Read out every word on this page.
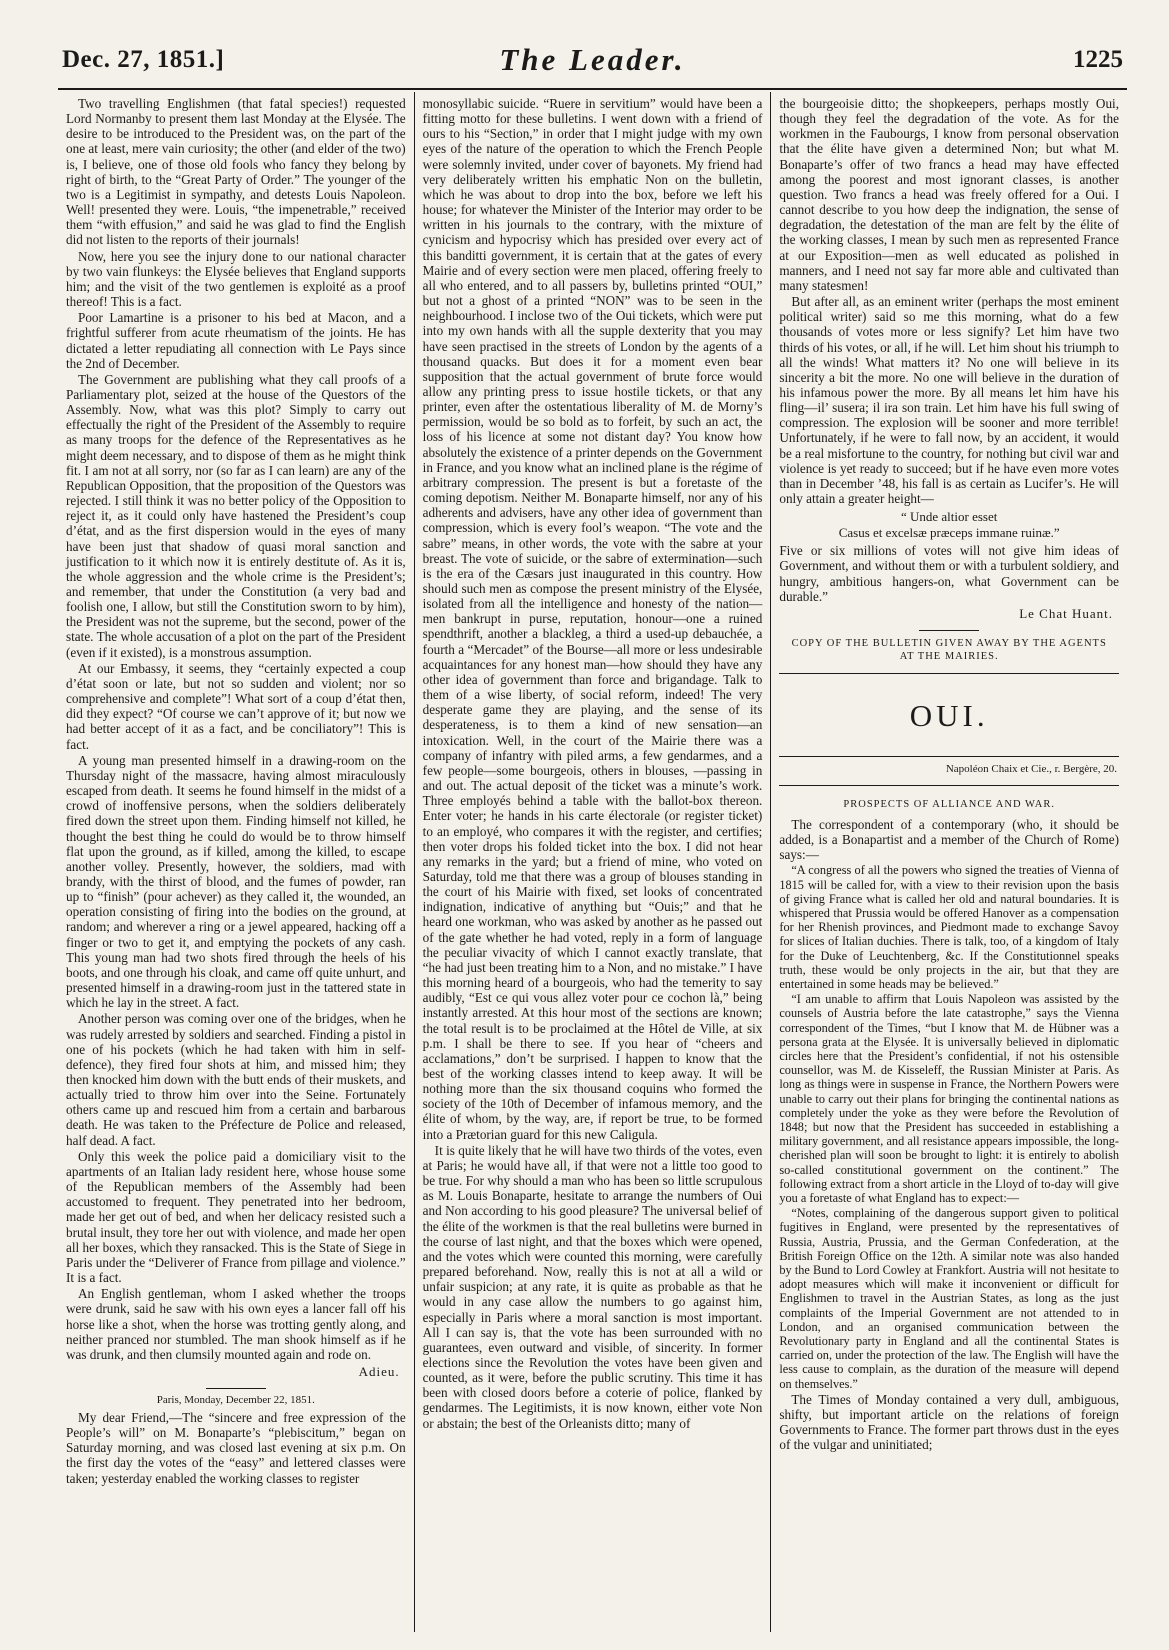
Dec. 27, 1851.]	The Leader.	1225

Two travelling Englishmen (that fatal species!) requested Lord Normanby to present them last Monday at the Elysée. The desire to be introduced to the President was, on the part of the one at least, mere vain curiosity; the other (and elder of the two) is, I believe, one of those old fools who fancy they belong by right of birth, to the “Great Party of Order.” The younger of the two is a Legitimist in sympathy, and detests Louis Napoleon. Well! presented they were. Louis, “the impenetrable,” received them “with effusion,” and said he was glad to find the English did not listen to the reports of their journals!

Now, here you see the injury done to our national character by two vain flunkeys: the Elysée believes that England supports him; and the visit of the two gentlemen is exploité as a proof thereof! This is a fact.

Poor Lamartine is a prisoner to his bed at Macon, and a frightful sufferer from acute rheumatism of the joints. He has dictated a letter repudiating all connection with Le Pays since the 2nd of December.

The Government are publishing what they call proofs of a Parliamentary plot, seized at the house of the Questors of the Assembly. Now, what was this plot? Simply to carry out effectually the right of the President of the Assembly to require as many troops for the defence of the Representatives as he might deem necessary, and to dispose of them as he might think fit. I am not at all sorry, nor (so far as I can learn) are any of the Republican Opposition, that the proposition of the Questors was rejected. I still think it was no better policy of the Opposition to reject it, as it could only have hastened the President’s coup d’état, and as the first dispersion would in the eyes of many have been just that shadow of quasi moral sanction and justification to it which now it is entirely destitute of. As it is, the whole aggression and the whole crime is the President’s; and remember, that under the Constitution (a very bad and foolish one, I allow, but still the Constitution sworn to by him), the President was not the supreme, but the second, power of the state. The whole accusation of a plot on the part of the President (even if it existed), is a monstrous assumption.

At our Embassy, it seems, they “certainly expected a coup d’état soon or late, but not so sudden and violent; nor so comprehensive and complete”! What sort of a coup d’état then, did they expect? “Of course we can’t approve of it; but now we had better accept of it as a fact, and be conciliatory”! This is fact.

A young man presented himself in a drawing-room on the Thursday night of the massacre, having almost miraculously escaped from death. It seems he found himself in the midst of a crowd of inoffensive persons, when the soldiers deliberately fired down the street upon them. Finding himself not killed, he thought the best thing he could do would be to throw himself flat upon the ground, as if killed, among the killed, to escape another volley. Presently, however, the soldiers, mad with brandy, with the thirst of blood, and the fumes of powder, ran up to “finish” (pour achever) as they called it, the wounded, an operation consisting of firing into the bodies on the ground, at random; and wherever a ring or a jewel appeared, hacking off a finger or two to get it, and emptying the pockets of any cash. This young man had two shots fired through the heels of his boots, and one through his cloak, and came off quite unhurt, and presented himself in a drawing-room just in the tattered state in which he lay in the street. A fact.

Another person was coming over one of the bridges, when he was rudely arrested by soldiers and searched. Finding a pistol in one of his pockets (which he had taken with him in self-defence), they fired four shots at him, and missed him; they then knocked him down with the butt ends of their muskets, and actually tried to throw him over into the Seine. Fortunately others came up and rescued him from a certain and barbarous death. He was taken to the Préfecture de Police and released, half dead. A fact.

Only this week the police paid a domiciliary visit to the apartments of an Italian lady resident here, whose house some of the Republican members of the Assembly had been accustomed to frequent. They penetrated into her bedroom, made her get out of bed, and when her delicacy resisted such a brutal insult, they tore her out with violence, and made her open all her boxes, which they ransacked. This is the State of Siege in Paris under the “Deliverer of France from pillage and violence.” It is a fact.

An English gentleman, whom I asked whether the troops were drunk, said he saw with his own eyes a lancer fall off his horse like a shot, when the horse was trotting gently along, and neither pranced nor stumbled. The man shook himself as if he was drunk, and then clumsily mounted again and rode on.

Adieu.
Paris, Monday, December 22, 1851.

My dear Friend,—The “sincere and free expression of the People’s will” on M. Bonaparte’s “plebiscitum,” began on Saturday morning, and was closed last evening at six p.m. On the first day the votes of the “easy” and lettered classes were taken; yesterday enabled the working classes to register

monosyllabic suicide. “Ruere in servitium” would have been a fitting motto for these bulletins. I went down with a friend of ours to his “Section,” in order that I might judge with my own eyes of the nature of the operation to which the French People were solemnly invited, under cover of bayonets. My friend had very deliberately written his emphatic Non on the bulletin, which he was about to drop into the box, before we left his house; for whatever the Minister of the Interior may order to be written in his journals to the contrary, with the mixture of cynicism and hypocrisy which has presided over every act of this banditti government, it is certain that at the gates of every Mairie and of every section were men placed, offering freely to all who entered, and to all passers by, bulletins printed “OUI,” but not a ghost of a printed “NON” was to be seen in the neighbourhood. I inclose two of the Oui tickets, which were put into my own hands with all the supple dexterity that you may have seen practised in the streets of London by the agents of a thousand quacks. But does it for a moment even bear supposition that the actual government of brute force would allow any printing press to issue hostile tickets, or that any printer, even after the ostentatious liberality of M. de Morny’s permission, would be so bold as to forfeit, by such an act, the loss of his licence at some not distant day? You know how absolutely the existence of a printer depends on the Government in France, and you know what an inclined plane is the régime of arbitrary compression. The present is but a foretaste of the coming depotism. Neither M. Bonaparte himself, nor any of his adherents and advisers, have any other idea of government than compression, which is every fool’s weapon. “The vote and the sabre” means, in other words, the vote with the sabre at your breast. The vote of suicide, or the sabre of extermination—such is the era of the Cæsars just inaugurated in this country. How should such men as compose the present ministry of the Elysée, isolated from all the intelligence and honesty of the nation—men bankrupt in purse, reputation, honour—one a ruined spendthrift, another a blackleg, a third a used-up debauchée, a fourth a “Mercadet” of the Bourse—all more or less undesirable acquaintances for any honest man—how should they have any other idea of government than force and brigandage. Talk to them of a wise liberty, of social reform, indeed! The very desperate game they are playing, and the sense of its desperateness, is to them a kind of new sensation—an intoxication. Well, in the court of the Mairie there was a company of infantry with piled arms, a few gendarmes, and a few people—some bourgeois, others in blouses, —passing in and out. The actual deposit of the ticket was a minute’s work. Three employés behind a table with the ballot-box thereon. Enter voter; he hands in his carte électorale (or register ticket) to an employé, who compares it with the register, and certifies; then voter drops his folded ticket into the box. I did not hear any remarks in the yard; but a friend of mine, who voted on Saturday, told me that there was a group of blouses standing in the court of his Mairie with fixed, set looks of concentrated indignation, indicative of anything but “Ouis;” and that he heard one workman, who was asked by another as he passed out of the gate whether he had voted, reply in a form of language the peculiar vivacity of which I cannot exactly translate, that “he had just been treating him to a Non, and no mistake.” I have this morning heard of a bourgeois, who had the temerity to say audibly, “Est ce qui vous allez voter pour ce cochon là,” being instantly arrested. At this hour most of the sections are known; the total result is to be proclaimed at the Hôtel de Ville, at six p.m. I shall be there to see. If you hear of “cheers and acclamations,” don’t be surprised. I happen to know that the best of the working classes intend to keep away. It will be nothing more than the six thousand coquins who formed the society of the 10th of December of infamous memory, and the élite of whom, by the way, are, if report be true, to be formed into a Prætorian guard for this new Caligula.

It is quite likely that he will have two thirds of the votes, even at Paris; he would have all, if that were not a little too good to be true. For why should a man who has been so little scrupulous as M. Louis Bonaparte, hesitate to arrange the numbers of Oui and Non according to his good pleasure? The universal belief of the élite of the workmen is that the real bulletins were burned in the course of last night, and that the boxes which were opened, and the votes which were counted this morning, were carefully prepared beforehand. Now, really this is not at all a wild or unfair suspicion; at any rate, it is quite as probable as that he would in any case allow the numbers to go against him, especially in Paris where a moral sanction is most important. All I can say is, that the vote has been surrounded with no guarantees, even outward and visible, of sincerity. In former elections since the Revolution the votes have been given and counted, as it were, before the public scrutiny. This time it has been with closed doors before a coterie of police, flanked by gendarmes. The Legitimists, it is now known, either vote Non or abstain; the best of the Orleanists ditto; many of

the bourgeoisie ditto; the shopkeepers, perhaps mostly Oui, though they feel the degradation of the vote. As for the workmen in the Faubourgs, I know from personal observation that the élite have given a determined Non; but what M. Bonaparte’s offer of two francs a head may have effected among the poorest and most ignorant classes, is another question. Two francs a head was freely offered for a Oui. I cannot describe to you how deep the indignation, the sense of degradation, the detestation of the man are felt by the élite of the working classes, I mean by such men as represented France at our Exposition—men as well educated as polished in manners, and I need not say far more able and cultivated than many statesmen!

But after all, as an eminent writer (perhaps the most eminent political writer) said so me this morning, what do a few thousands of votes more or less signify? Let him have two thirds of his votes, or all, if he will. Let him shout his triumph to all the winds! What matters it? No one will believe in its sincerity a bit the more. No one will believe in the duration of his infamous power the more. By all means let him have his fling—il’ susera; il ira son train. Let him have his full swing of compression. The explosion will be sooner and more terrible! Unfortunately, if he were to fall now, by an accident, it would be a real misfortune to the country, for nothing but civil war and violence is yet ready to succeed; but if he have even more votes than in December ’48, his fall is as certain as Lucifer’s. He will only attain a greater height—

“ Unde altior esset
Casus et excelsæ præceps immane ruinæ.”

Five or six millions of votes will not give him ideas of Government, and without them or with a turbulent soldiery, and hungry, ambitious hangers-on, what Government can be durable.”

Le Chat Huant.
COPY OF THE BULLETIN GIVEN AWAY BY THE AGENTS AT THE MAIRIES.
OUI.
Napoléon Chaix et Cie., r. Bergère, 20.
PROSPECTS OF ALLIANCE AND WAR.

The correspondent of a contemporary (who, it should be added, is a Bonapartist and a member of the Church of Rome) says:—

“A congress of all the powers who signed the treaties of Vienna of 1815 will be called for, with a view to their revision upon the basis of giving France what is called her old and natural boundaries. It is whispered that Prussia would be offered Hanover as a compensation for her Rhenish provinces, and Piedmont made to exchange Savoy for slices of Italian duchies. There is talk, too, of a kingdom of Italy for the Duke of Leuchtenberg, &c. If the Constitutionnel speaks truth, these would be only projects in the air, but that they are entertained in some heads may be believed.”

“I am unable to affirm that Louis Napoleon was assisted by the counsels of Austria before the late catastrophe,” says the Vienna correspondent of the Times, “but I know that M. de Hübner was a persona grata at the Elysée. It is universally believed in diplomatic circles here that the President’s confidential, if not his ostensible counsellor, was M. de Kisseleff, the Russian Minister at Paris. As long as things were in suspense in France, the Northern Powers were unable to carry out their plans for bringing the continental nations as completely under the yoke as they were before the Revolution of 1848; but now that the President has succeeded in establishing a military government, and all resistance appears impossible, the long-cherished plan will soon be brought to light: it is entirely to abolish so-called constitutional government on the continent.” The following extract from a short article in the Lloyd of to-day will give you a foretaste of what England has to expect:—

“Notes, complaining of the dangerous support given to political fugitives in England, were presented by the representatives of Russia, Austria, Prussia, and the German Confederation, at the British Foreign Office on the 12th. A similar note was also handed by the Bund to Lord Cowley at Frankfort. Austria will not hesitate to adopt measures which will make it inconvenient or difficult for Englishmen to travel in the Austrian States, as long as the just complaints of the Imperial Government are not attended to in London, and an organised communication between the Revolutionary party in England and all the continental States is carried on, under the protection of the law. The English will have the less cause to complain, as the duration of the measure will depend on themselves.”

The Times of Monday contained a very dull, ambiguous, shifty, but important article on the relations of foreign Governments to France. The former part throws dust in the eyes of the vulgar and uninitiated;
